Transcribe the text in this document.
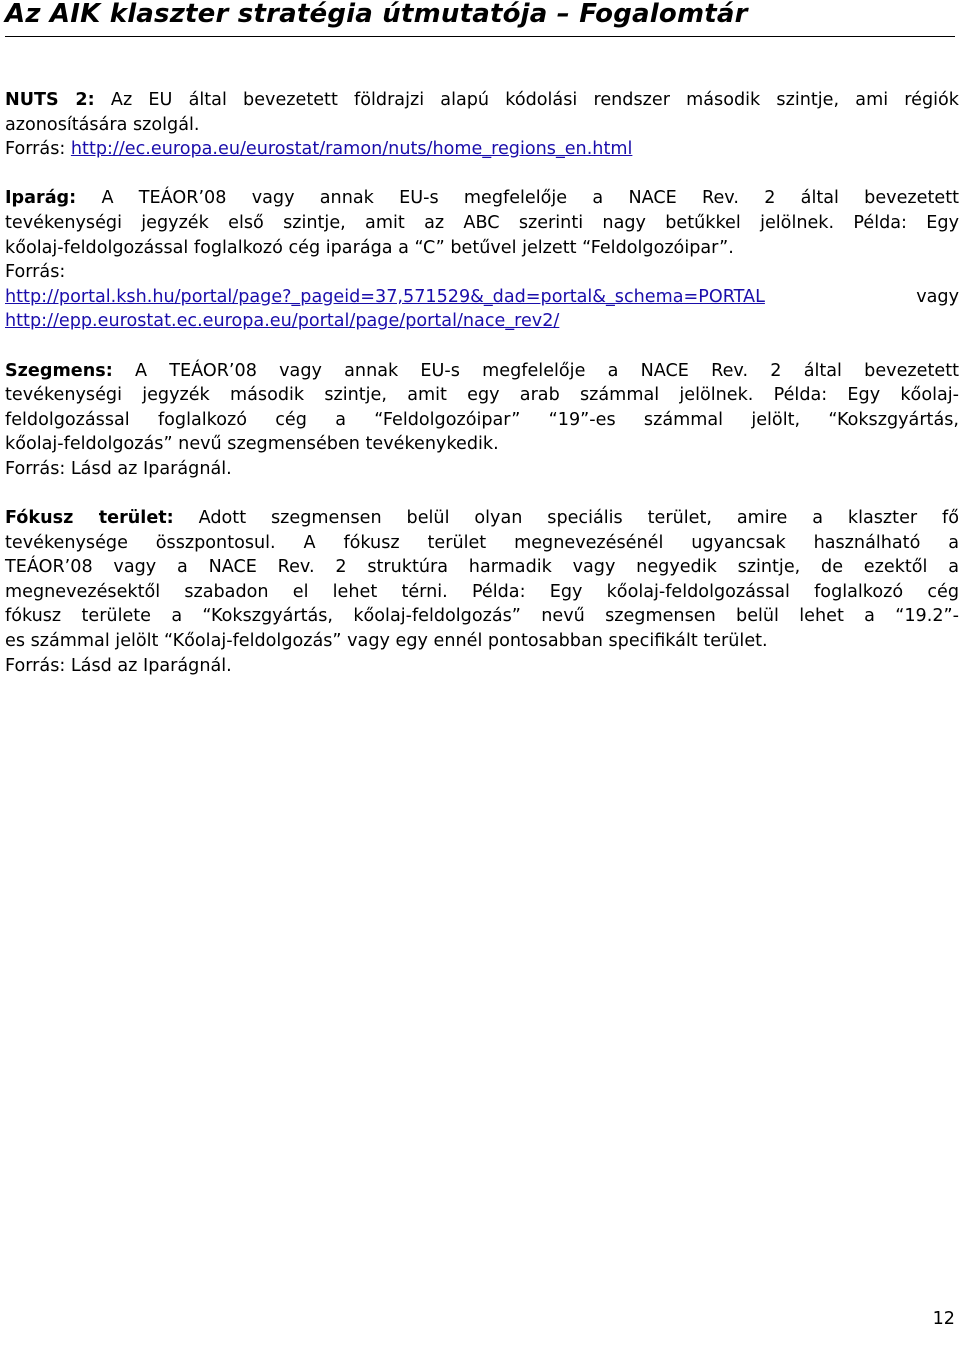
Az AIK klaszter stratégia útmutatója – Fogalomtár
NUTS 2: Az EU által bevezetett földrajzi alapú kódolási rendszer második szintje, ami régiók
azonosítására szolgál.
Forrás: http://ec.europa.eu/eurostat/ramon/nuts/home_regions_en.html
Iparág: A TEÁOR’08 vagy annak EU-s megfelelője a NACE Rev. 2 által bevezetett
tevékenységi jegyzék első szintje, amit az ABC szerinti nagy betűkkel jelölnek. Példa: Egy
kőolaj-feldolgozással foglalkozó cég iparága a “C” betűvel jelzett “Feldolgozóipar”.
Forrás:
http://portal.ksh.hu/portal/page?_pageid=37,571529&_dad=portal&_schema=PORTAL vagy
http://epp.eurostat.ec.europa.eu/portal/page/portal/nace_rev2/
Szegmens: A TEÁOR’08 vagy annak EU-s megfelelője a NACE Rev. 2 által bevezetett
tevékenységi jegyzék második szintje, amit egy arab számmal jelölnek. Példa: Egy kőolaj-
feldolgozással foglalkozó cég a “Feldolgozóipar” “19”-es számmal jelölt, “Kokszgyártás,
kőolaj-feldolgozás” nevű szegmensében tevékenykedik.
Forrás: Lásd az Iparágnál.
Fókusz terület: Adott szegmensen belül olyan speciális terület, amire a klaszter fő
tevékenysége összpontosul. A fókusz terület megnevezésénél ugyancsak használható a
TEÁOR’08 vagy a NACE Rev. 2 struktúra harmadik vagy negyedik szintje, de ezektől a
megnevezésektől szabadon el lehet térni. Példa: Egy kőolaj-feldolgozással foglalkozó cég
fókusz területe a “Kokszgyártás, kőolaj-feldolgozás” nevű szegmensen belül lehet a “19.2”-
es számmal jelölt “Kőolaj-feldolgozás” vagy egy ennél pontosabban specifikált terület.
Forrás: Lásd az Iparágnál.
12
